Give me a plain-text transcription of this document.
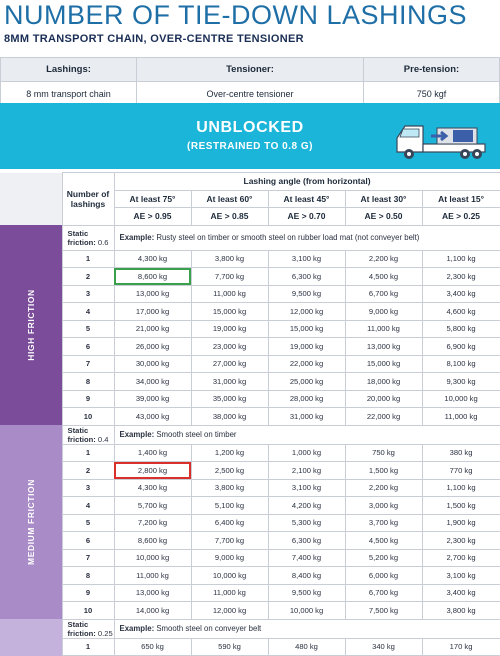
NUMBER OF TIE-DOWN LASHINGS
8MM TRANSPORT CHAIN, OVER-CENTRE TENSIONER
Lashings:	Tensioner:	Pre-tension:
8 mm transport chain	Over-centre tensioner	750 kgf
UNBLOCKED
(RESTRAINED TO 0.8 G)
	Number of lashings	Lashing angle (from horizontal)				
		At least 75°	At least 60°	At least 45°	At least 30°	At least 15°
		AE > 0.95	AE > 0.85	AE > 0.70	AE > 0.50	AE > 0.25

HIGH FRICTION	Static friction: 0.6	Example: Rusty steel on timber or smooth steel on rubber load mat (not conveyer belt)				
	1	4,300 kg	3,800 kg	3,100 kg	2,200 kg	1,100 kg
	2	8,600 kg	7,700 kg	6,300 kg	4,500 kg	2,300 kg
	3	13,000 kg	11,000 kg	9,500 kg	6,700 kg	3,400 kg
	4	17,000 kg	15,000 kg	12,000 kg	9,000 kg	4,600 kg
	5	21,000 kg	19,000 kg	15,000 kg	11,000 kg	5,800 kg
	6	26,000 kg	23,000 kg	19,000 kg	13,000 kg	6,900 kg
	7	30,000 kg	27,000 kg	22,000 kg	15,000 kg	8,100 kg
	8	34,000 kg	31,000 kg	25,000 kg	18,000 kg	9,300 kg
	9	39,000 kg	35,000 kg	28,000 kg	20,000 kg	10,000 kg
	10	43,000 kg	38,000 kg	31,000 kg	22,000 kg	11,000 kg

MEDIUM FRICTION	Static friction: 0.4	Example: Smooth steel on timber				
	1	1,400 kg	1,200 kg	1,000 kg	750 kg	380 kg
	2	2,800 kg	2,500 kg	2,100 kg	1,500 kg	770 kg
	3	4,300 kg	3,800 kg	3,100 kg	2,200 kg	1,100 kg
	4	5,700 kg	5,100 kg	4,200 kg	3,000 kg	1,500 kg
	5	7,200 kg	6,400 kg	5,300 kg	3,700 kg	1,900 kg
	6	8,600 kg	7,700 kg	6,300 kg	4,500 kg	2,300 kg
	7	10,000 kg	9,000 kg	7,400 kg	5,200 kg	2,700 kg
	8	11,000 kg	10,000 kg	8,400 kg	6,000 kg	3,100 kg
	9	13,000 kg	11,000 kg	9,500 kg	6,700 kg	3,400 kg
	10	14,000 kg	12,000 kg	10,000 kg	7,500 kg	3,800 kg
	Static friction: 0.25	Example: Smooth steel on conveyer belt				
	1	650 kg	590 kg	480 kg	340 kg	170 kg
